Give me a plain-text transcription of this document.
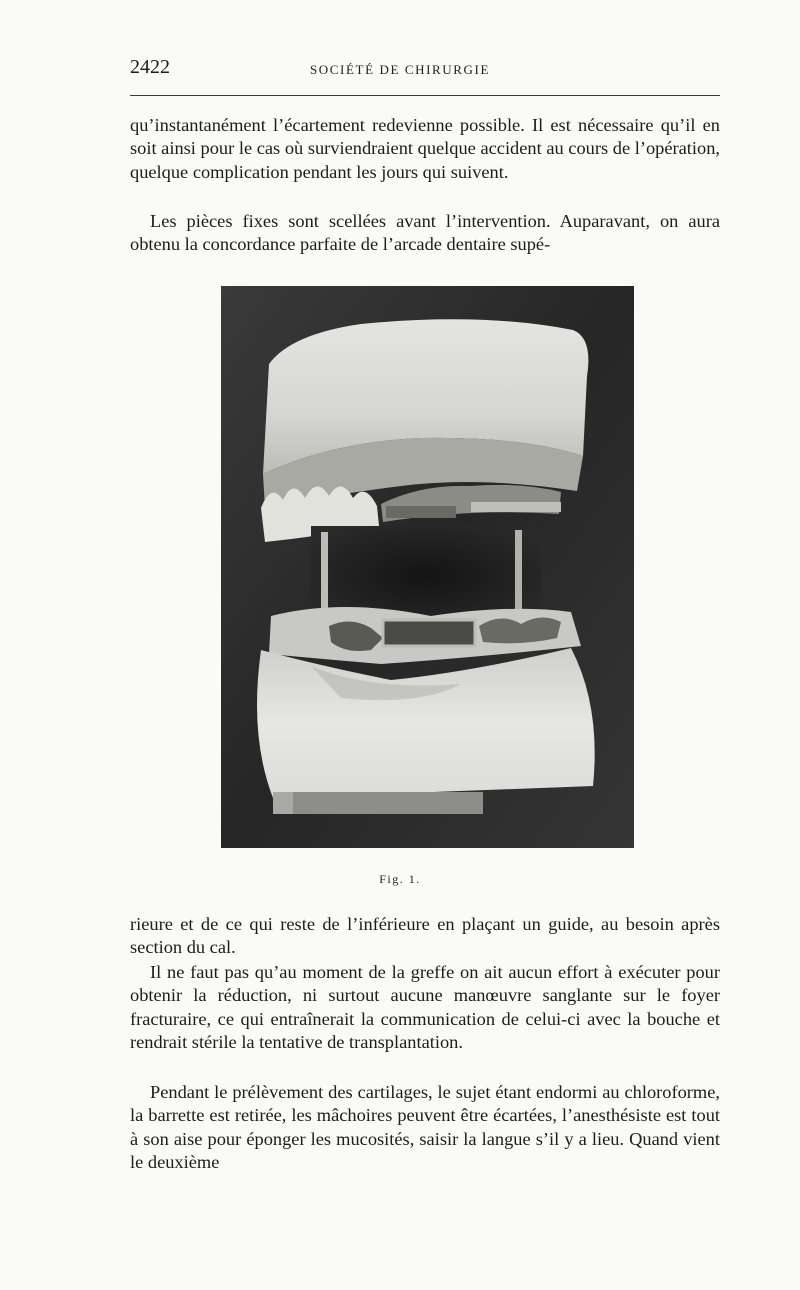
2422	SOCIÉTÉ DE CHIRURGIE

qu’instantanément l’écartement redevienne possible. Il est nécessaire qu’il en soit ainsi pour le cas où surviendraient quelque accident au cours de l’opération, quelque complication pendant les jours qui suivent.

Les pièces fixes sont scellées avant l’intervention. Auparavant, on aura obtenu la concordance parfaite de l’arcade dentaire supé-

Fig. 1.

rieure et de ce qui reste de l’inférieure en plaçant un guide, au besoin après section du cal.

Il ne faut pas qu’au moment de la greffe on ait aucun effort à exécuter pour obtenir la réduction, ni surtout aucune manœuvre sanglante sur le foyer fracturaire, ce qui entraînerait la communication de celui-ci avec la bouche et rendrait stérile la tentative de transplantation.

Pendant le prélèvement des cartilages, le sujet étant endormi au chloroforme, la barrette est retirée, les mâchoires peuvent être écartées, l’anesthésiste est tout à son aise pour éponger les mucosités, saisir la langue s’il y a lieu. Quand vient le deuxième
